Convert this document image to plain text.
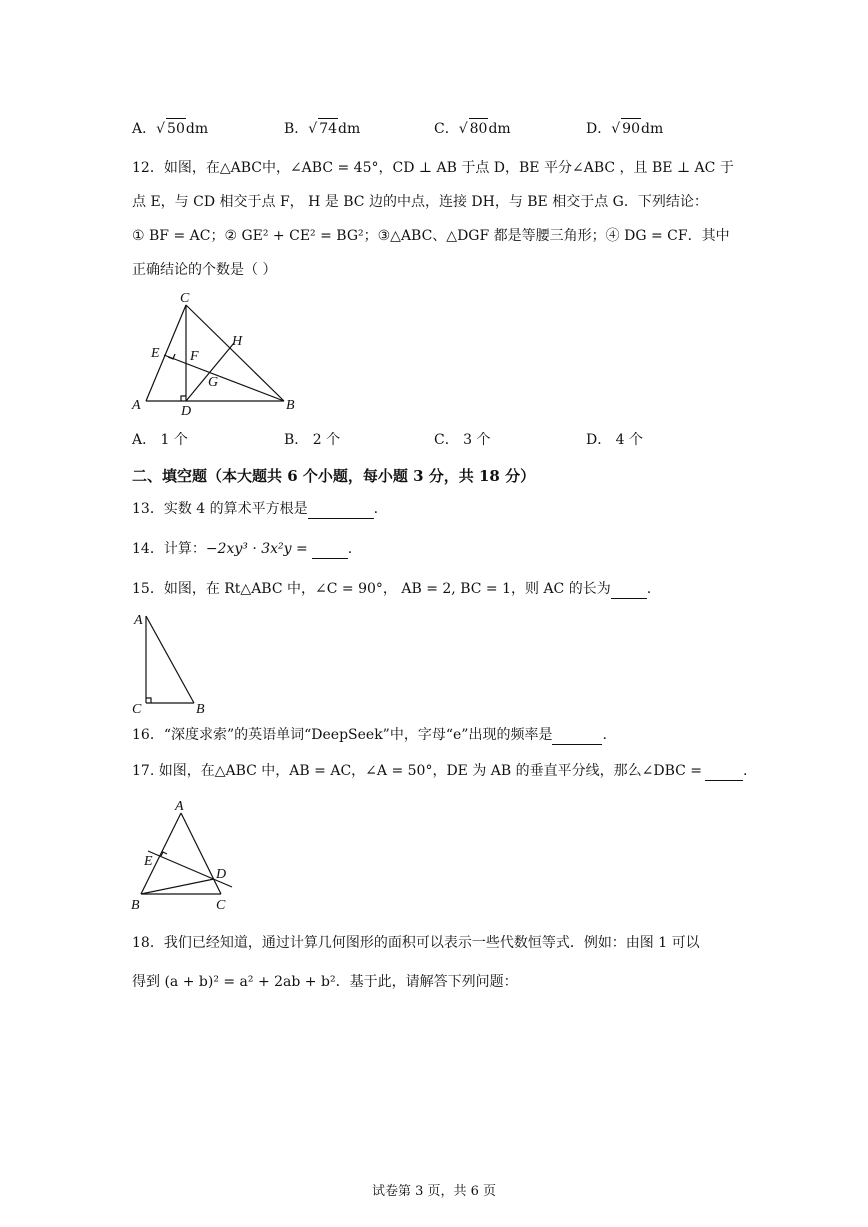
A．√ 50dm	B．√ 74dm	C．√ 80dm	D．√ 90dm
12．如图，在△ABC中，∠ABC = 45°，CD ⊥ AB 于点 D，BE 平分∠ABC ，且 BE ⊥ AC 于
点 E，与 CD 相交于点 F， H 是 BC 边的中点，连接 DH，与 BE 相交于点 G．下列结论：
① BF = AC；② GE² + CE² = BG²；③△ABC、△DGF 都是等腰三角形；④ DG = CF．其中
正确结论的个数是（ ）
C
E F
H
G
A	D	B
A． 1 个	B． 2 个	C． 3 个	D． 4 个
二、填空题（本大题共 6 个小题，每小题 3 分，共 18 分）
13．实数 4 的算术平方根是	.
14．计算：−2xy³ · 3x²y =	.
15．如图，在 Rt△ABC 中，∠C = 90°， AB = 2, BC = 1，则 AC 的长为	.
A
C	B
16．“深度求索”的英语单词“DeepSeek”中，字母“e”出现的频率是	.
17. 如图，在△ABC 中，AB = AC，∠A = 50°，DE 为 AB 的垂直平分线，那么∠DBC =	.
A
E
D
B	C
18．我们已经知道，通过计算几何图形的面积可以表示一些代数恒等式．例如：由图 1 可以
得到 (a + b)² = a² + 2ab + b²．基于此，请解答下列问题：
试卷第 3 页，共 6 页
